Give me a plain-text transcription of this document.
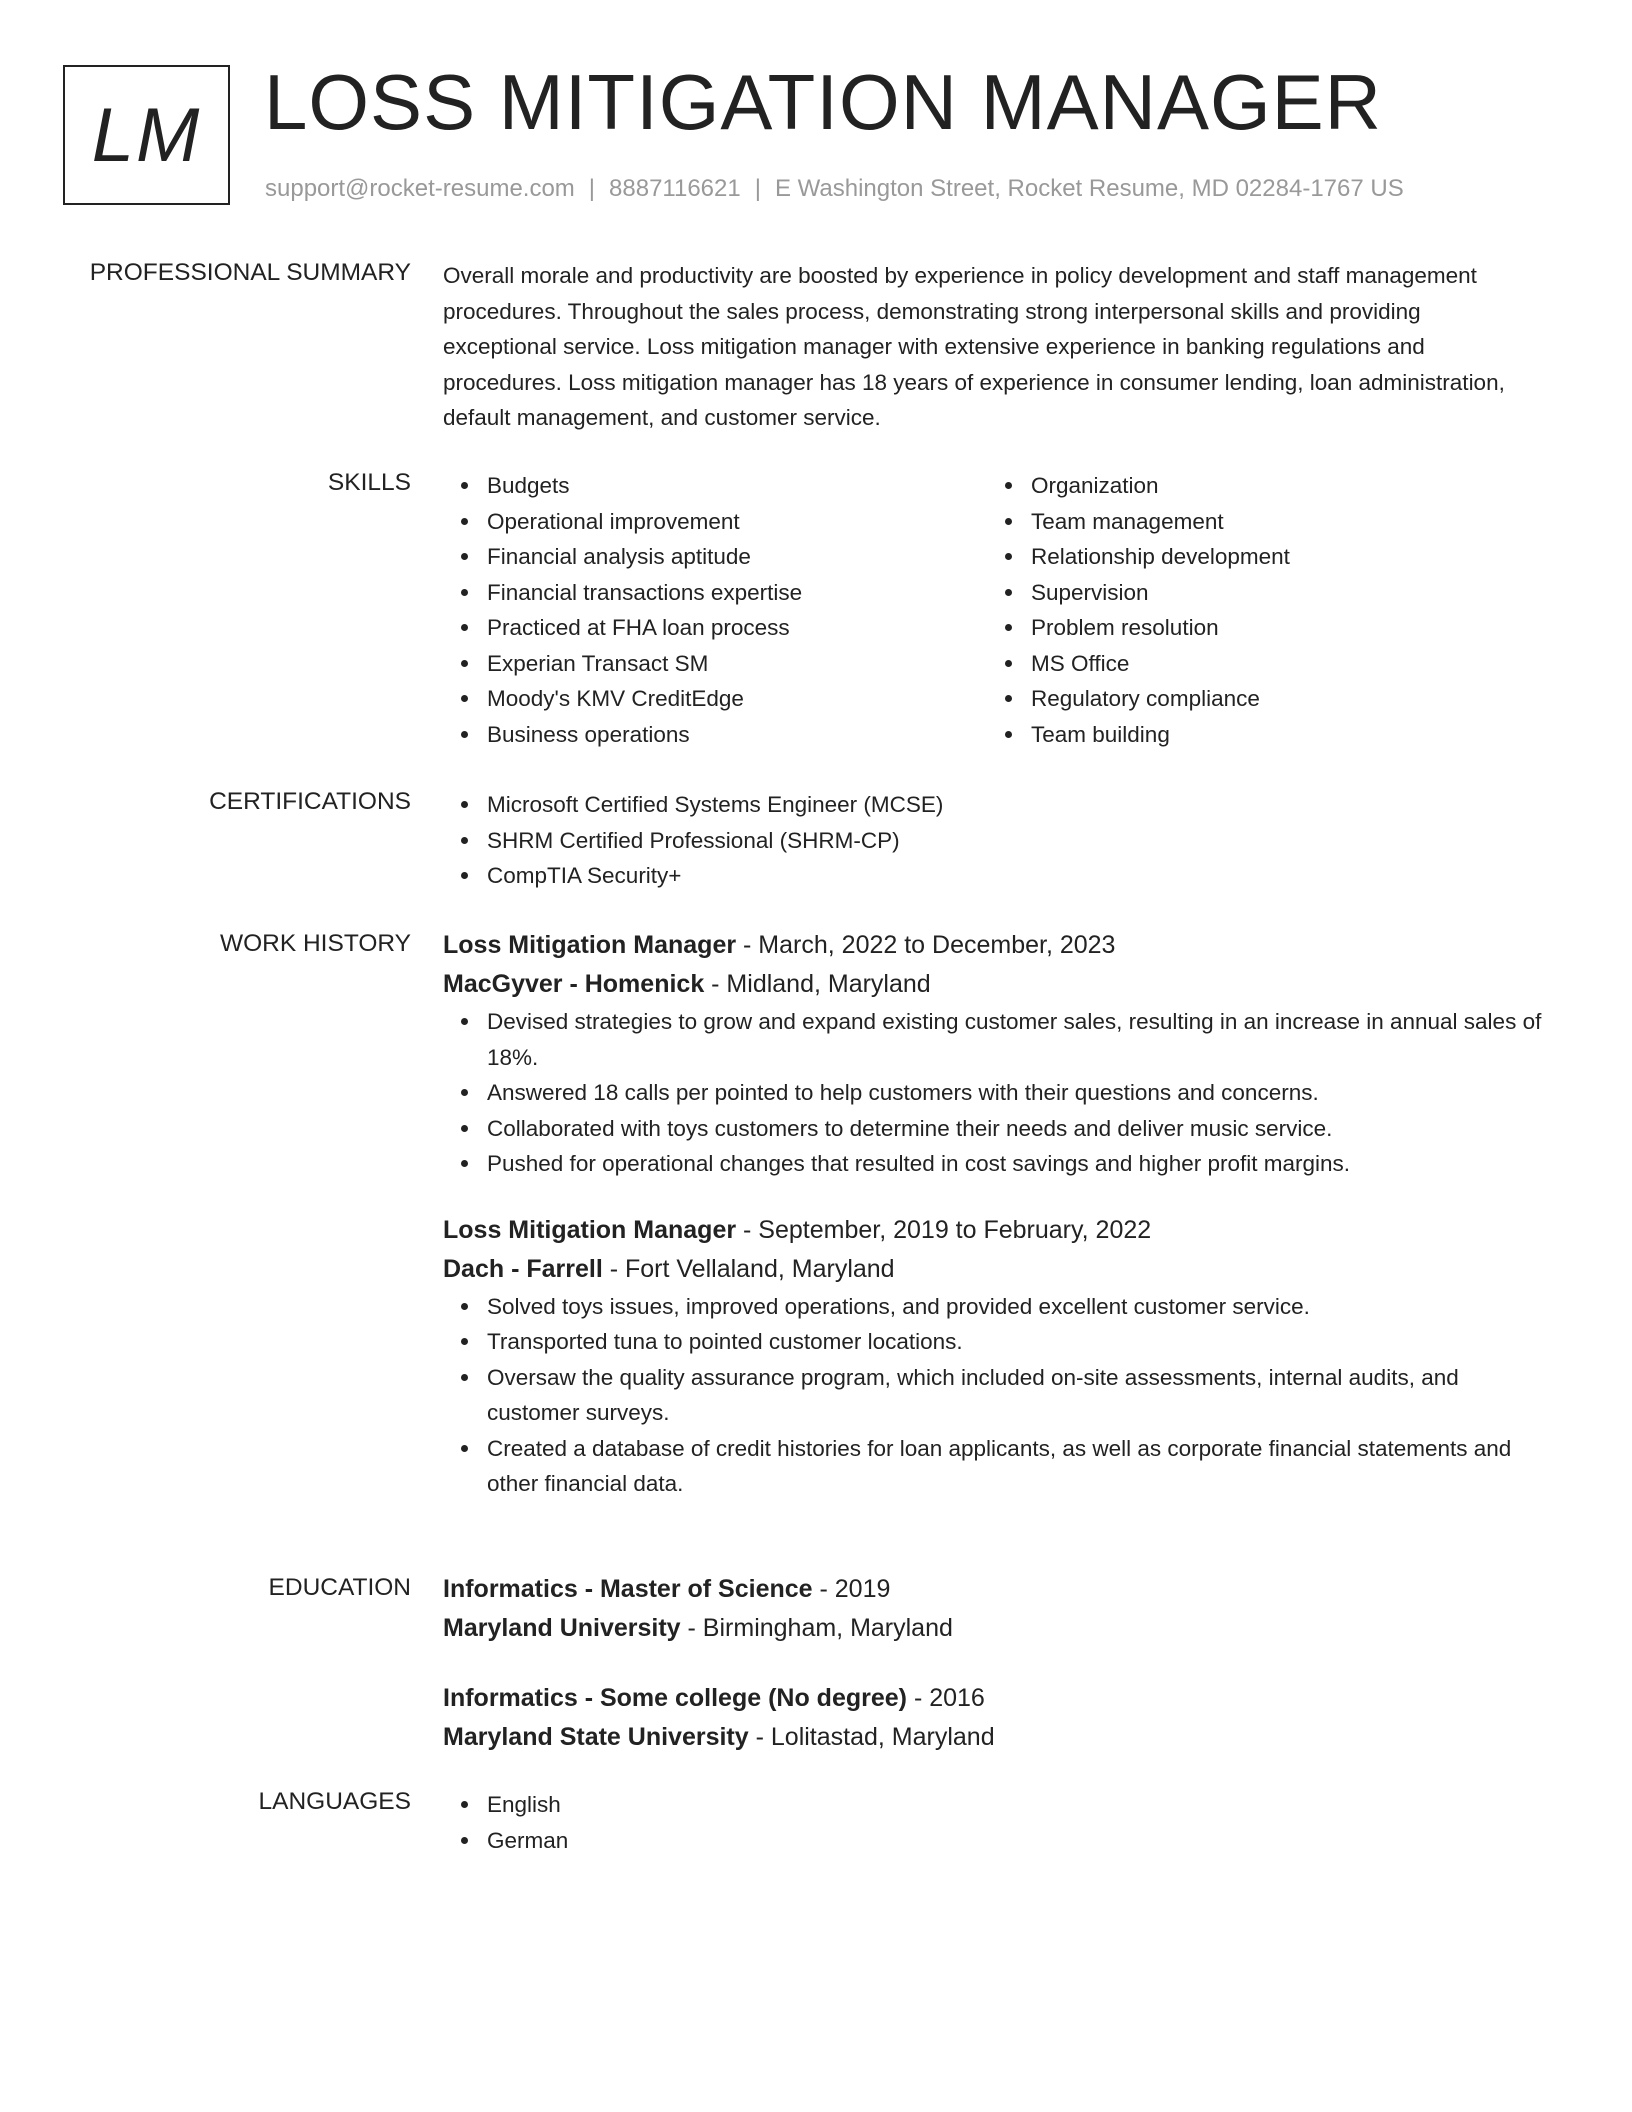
LM LOSS MITIGATION MANAGER
support@rocket-resume.com | 8887116621 | E Washington Street, Rocket Resume, MD 02284-1767 US
PROFESSIONAL SUMMARY Overall morale and productivity are boosted by experience in policy development and staff management procedures. Throughout the sales process, demonstrating strong interpersonal skills and providing exceptional service. Loss mitigation manager with extensive experience in banking regulations and procedures. Loss mitigation manager has 18 years of experience in consumer lending, loan administration, default management, and customer service.

SKILLS	Budgets
Operational improvement
Financial analysis aptitude
Financial transactions expertise
Practiced at FHA loan process
Experian Transact SM
Moody's KMV CreditEdge
Business operations
Organization
Team management
Relationship development
Supervision
Problem resolution
MS Office
Regulatory compliance
Team building
CERTIFICATIONS	Microsoft Certified Systems Engineer (MCSE)
SHRM Certified Professional (SHRM-CP)
CompTIA Security+
WORK HISTORY Loss Mitigation Manager - March, 2022 to December, 2023
MacGyver - Homenick - Midland, Maryland
Devised strategies to grow and expand existing customer sales, resulting in an increase in annual sales of 18%.
Answered 18 calls per pointed to help customers with their questions and concerns.
Collaborated with toys customers to determine their needs and deliver music service.
Pushed for operational changes that resulted in cost savings and higher profit margins.
Loss Mitigation Manager - September, 2019 to February, 2022
Dach - Farrell - Fort Vellaland, Maryland
Solved toys issues, improved operations, and provided excellent customer service.
Transported tuna to pointed customer locations.
Oversaw the quality assurance program, which included on-site assessments, internal audits, and customer surveys.
Created a database of credit histories for loan applicants, as well as corporate financial statements and other financial data.
EDUCATION Informatics - Master of Science - 2019
Maryland University - Birmingham, Maryland
Informatics - Some college (No degree) - 2016
Maryland State University - Lolitastad, Maryland
LANGUAGES	English
German
